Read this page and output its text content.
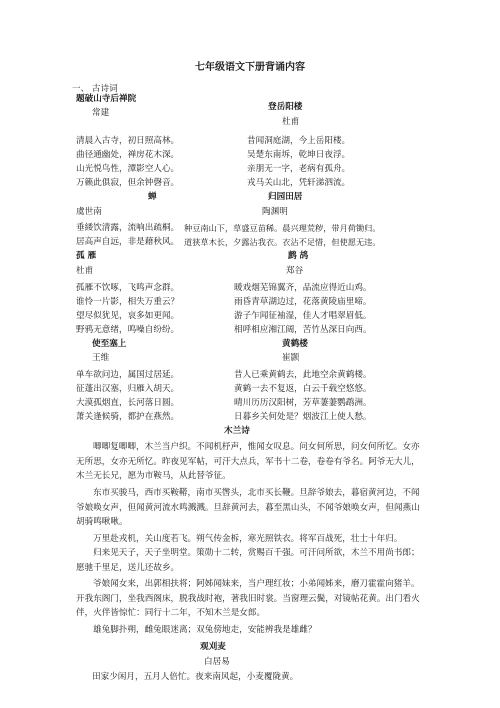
七年级语文下册背诵内容
一、 古诗词
题破山寺后禅院
常建
清晨入古寺，初日照高林。
曲径通幽处，禅房花木深。
山光悦鸟性，潭影空人心。
万籁此俱寂，但余钟磬音。
登岳阳楼
杜甫
昔闻洞庭湖，今上岳阳楼。
吴楚东南坼，乾坤日夜浮。
亲朋无一字，老病有孤舟。
戎马关山北，凭轩涕泗流。
蝉
虞世南
垂緌饮清露，流响出疏桐。
居高声自远，非是藉秋风。
归园田居
陶渊明
种豆南山下，草盛豆苗稀。晨兴理荒秽，带月荷锄归。
道狭草木长，夕露沾我衣。衣沾不足惜，但使愿无违。
孤 雁
杜甫
孤雁不饮啄，飞鸣声念群。
谁怜一片影，相失万重云？
望尽似犹见，哀多如更闻。
野鸦无意绪，鸣噪自纷纷。
鹧 鸪
郑谷
暖戏烟芜锦翼齐，品流应得近山鸡。
雨昏青草湖边过，花落黄陵庙里啼。
游子乍闻征袖湿，佳人才唱翠眉低。
相呼相应湘江阔，苦竹丛深日向西。
使至塞上
王维
单车欲问边，属国过居延。
征蓬出汉塞，归雁入胡天。
大漠孤烟直，长河落日圆。
萧关逢候骑，都护在燕然。
黄鹤楼
崔颢
昔人已乘黄鹤去，此地空余黄鹤楼。
黄鹤一去不复返，白云千载空悠悠。
晴川历历汉阳树，芳草萋萋鹦鹉洲。
日暮乡关何处是？烟波江上使人愁。
木兰诗
唧唧复唧唧，木兰当户织。不闻机杼声，惟闻女叹息。问女何所思，问女何所忆。女亦无所思，女亦无所忆。昨夜见军帖，可汗大点兵，军书十二卷，卷卷有爷名。阿爷无大儿，木兰无长兄，愿为市鞍马，从此替爷征。
东市买骏马，西市买鞍鞯，南市买辔头，北市买长鞭。旦辞爷娘去，暮宿黄河边，不闻爷娘唤女声，但闻黄河流水鸣溅溅。旦辞黄河去，暮至黑山头，不闻爷娘唤女声，但闻燕山胡骑鸣啾啾。
万里赴戎机，关山度若飞。朔气传金柝，寒光照铁衣。将军百战死，壮士十年归。
归来见天子，天子坐明堂。策勋十二转，赏赐百千强。可汗问所欲，木兰不用尚书郎；愿驰千里足，送儿还故乡。
爷娘闻女来，出郭相扶将；阿姊闻妹来，当户理红妆；小弟闻姊来，磨刀霍霍向猪羊。开我东阁门，坐我西阁床，脱我战时袍，著我旧时裳。当窗理云鬓，对镜帖花黄。出门看火伴，火伴皆惊忙：同行十二年，不知木兰是女郎。
雄兔脚扑朔，雌兔眼迷离；双兔傍地走，安能辨我是雄雌？
观刈麦
白居易
田家少闲月，五月人倍忙。夜来南风起，小麦覆陇黄。
